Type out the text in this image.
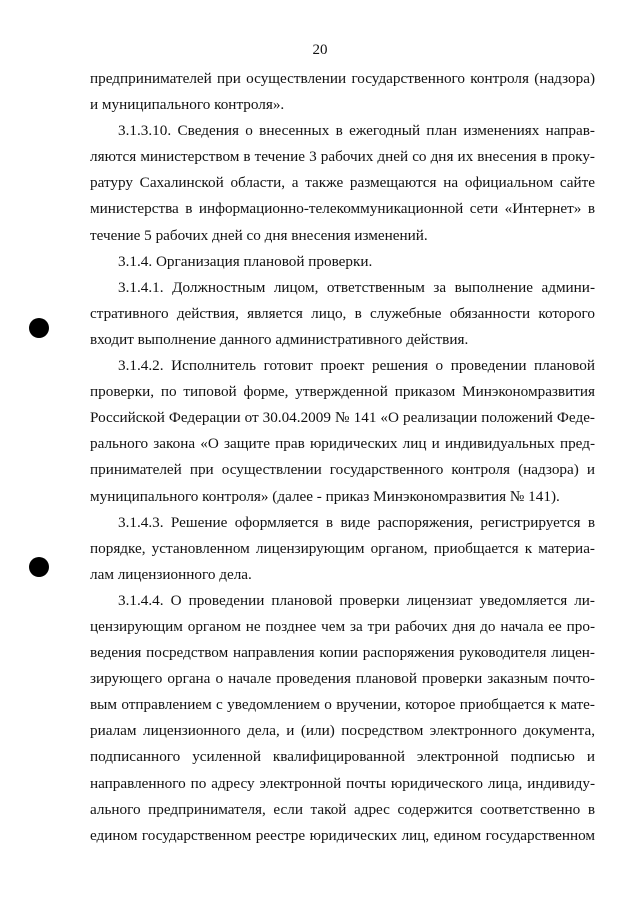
20
предпринимателей при осуществлении государственного контроля (надзора)
и муниципального контроля».
3.1.3.10. Сведения о внесенных в ежегодный план изменениях направ-
ляются министерством в течение 3 рабочих дней со дня их внесения в проку-
ратуру Сахалинской области, а также размещаются на официальном сайте
министерства в информационно-телекоммуникационной сети «Интернет» в
течение 5 рабочих дней со дня внесения изменений.
3.1.4. Организация плановой проверки.
3.1.4.1. Должностным лицом, ответственным за выполнение админи-
стративного действия, является лицо, в служебные обязанности которого
входит выполнение данного административного действия.
3.1.4.2. Исполнитель готовит проект решения о проведении плановой
проверки, по типовой форме, утвержденной приказом Минэкономразвития
Российской Федерации от 30.04.2009 № 141 «О реализации положений Феде-
рального закона «О защите прав юридических лиц и индивидуальных пред-
принимателей при осуществлении государственного контроля (надзора) и
муниципального контроля» (далее - приказ Минэкономразвития № 141).
3.1.4.3. Решение оформляется в виде распоряжения, регистрируется в
порядке, установленном лицензирующим органом, приобщается к материа-
лам лицензионного дела.
3.1.4.4. О проведении плановой проверки лицензиат уведомляется ли-
цензирующим органом не позднее чем за три рабочих дня до начала ее про-
ведения посредством направления копии распоряжения руководителя лицен-
зирующего органа о начале проведения плановой проверки заказным почто-
вым отправлением с уведомлением о вручении, которое приобщается к мате-
риалам лицензионного дела, и (или) посредством электронного документа,
подписанного усиленной квалифицированной электронной подписью и
направленного по адресу электронной почты юридического лица, индивиду-
ального предпринимателя, если такой адрес содержится соответственно в
едином государственном реестре юридических лиц, едином государственном
